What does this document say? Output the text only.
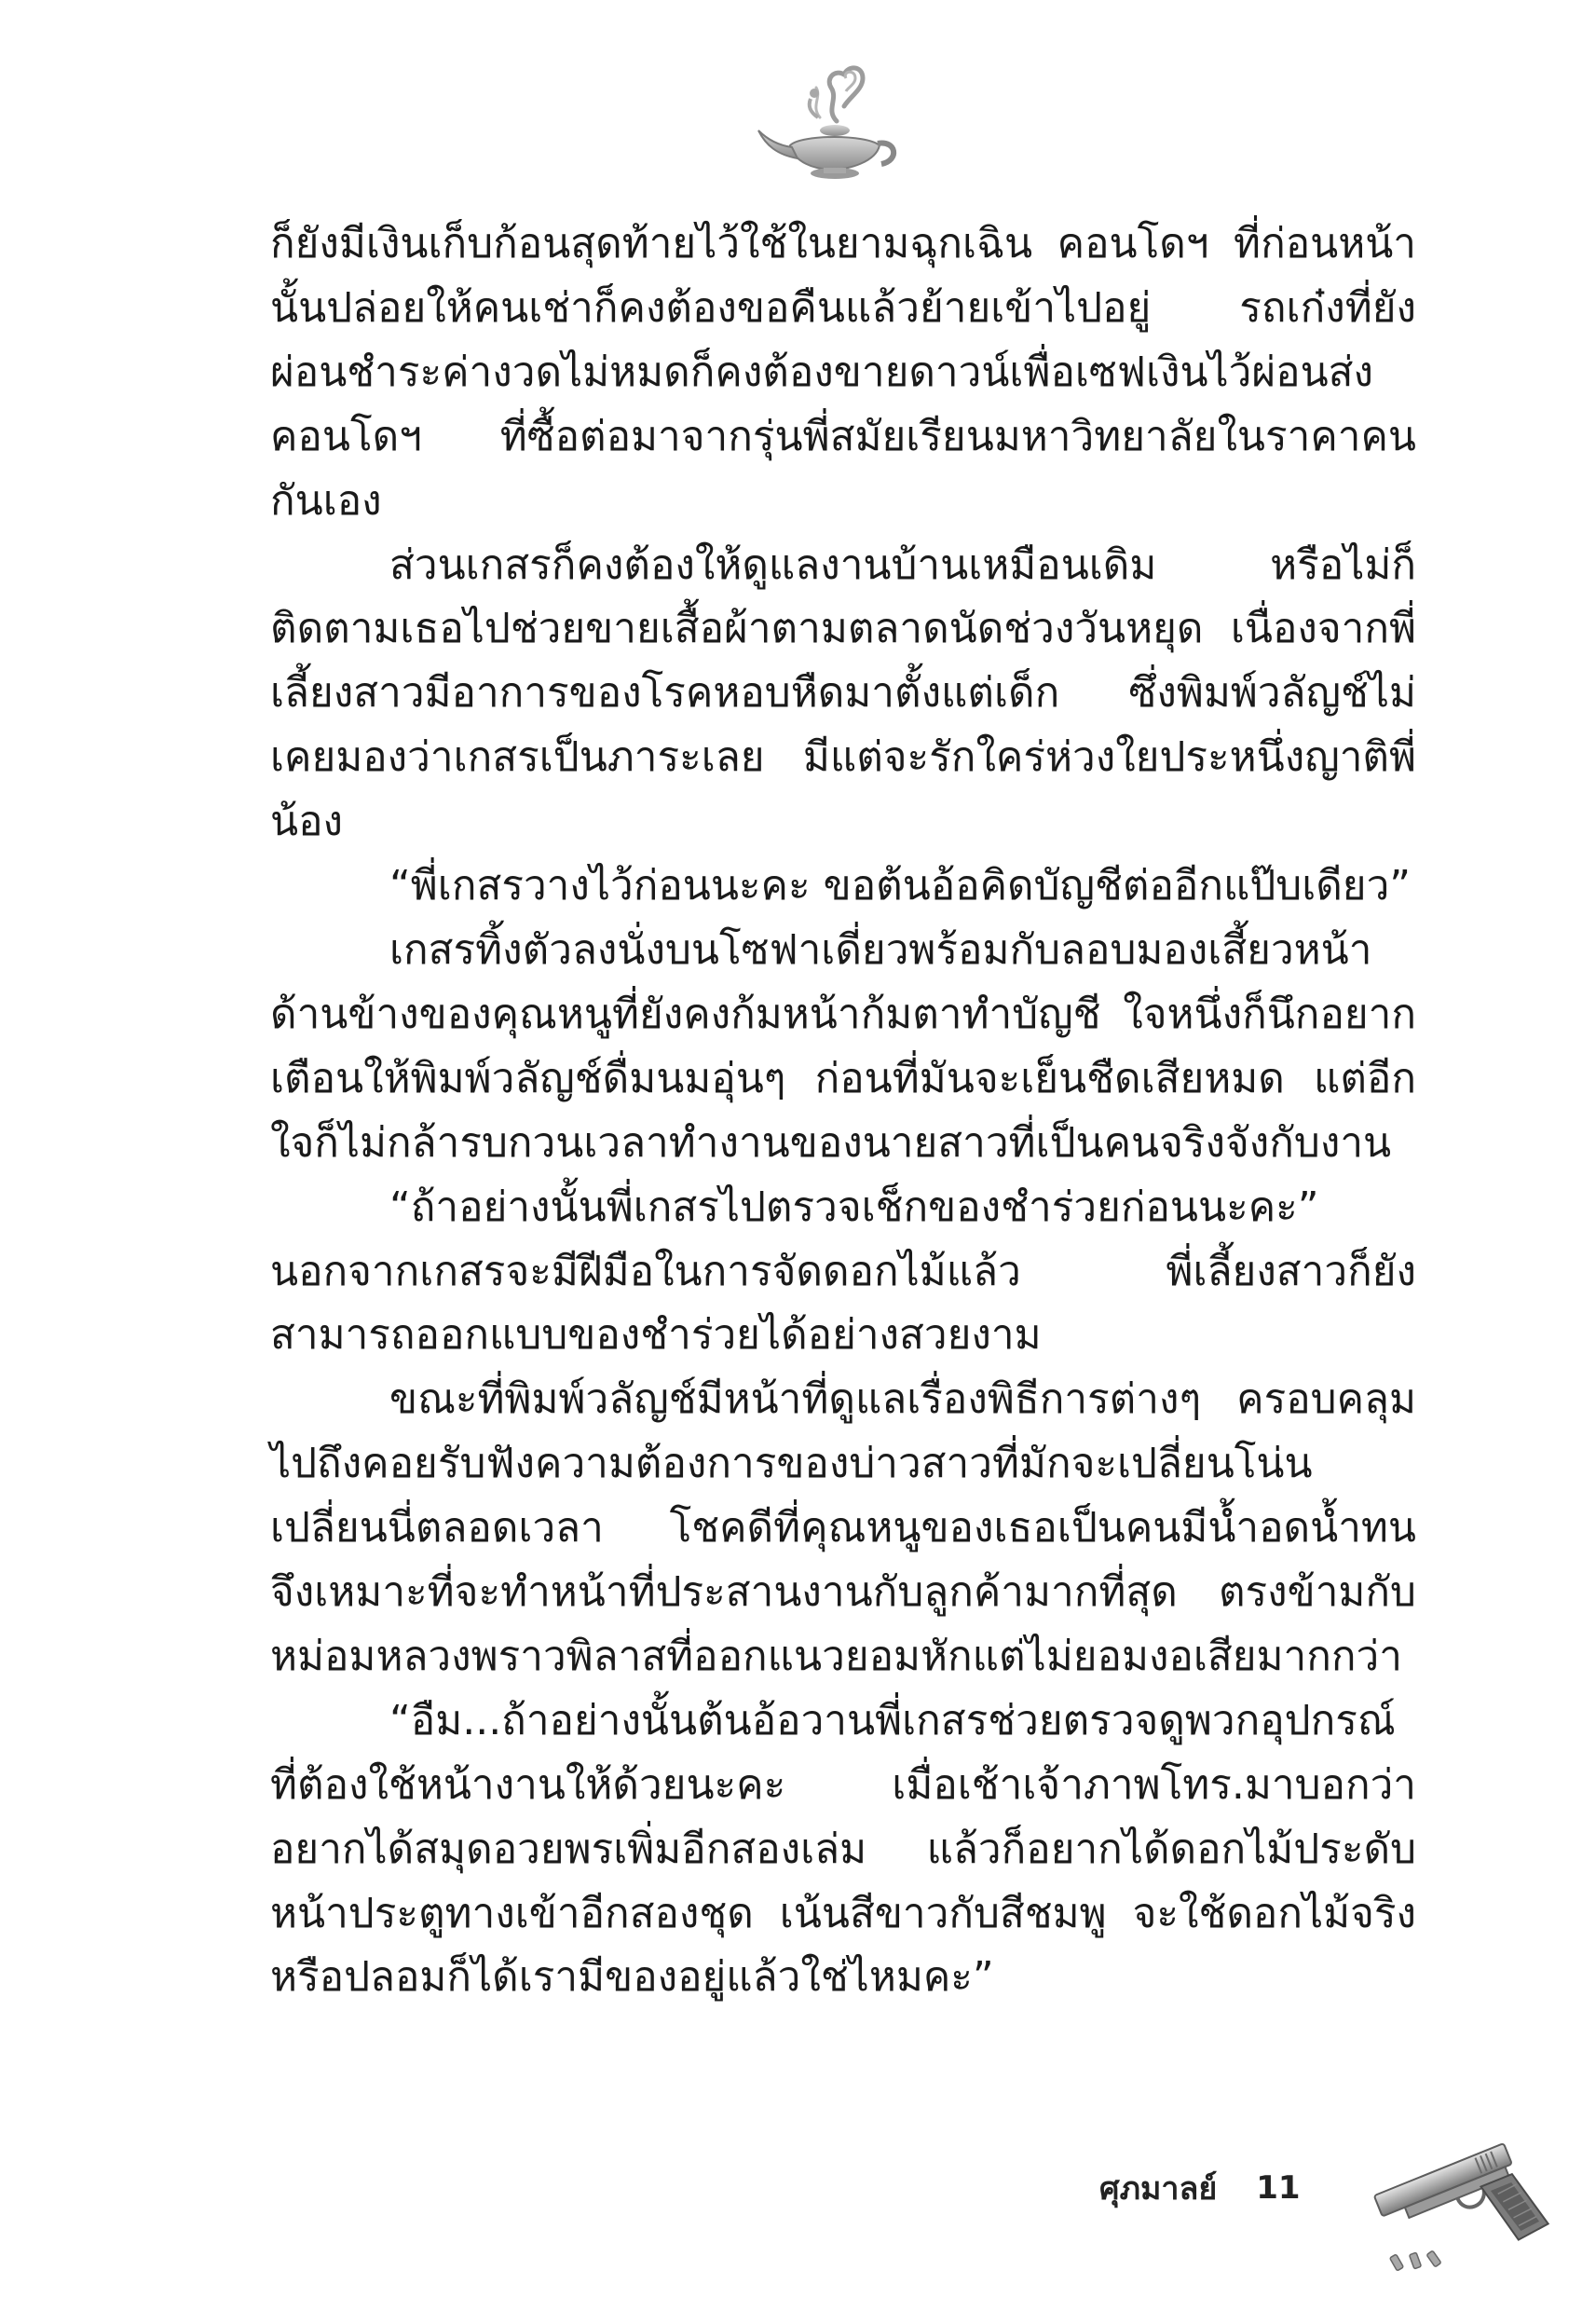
ก็ยังมีเงินเก็บก้อนสุดท้ายไว้ใช้ในยามฉุกเฉิน คอนโดฯ ที่ก่อนหน้านั้นปล่อยให้คนเช่าก็คงต้องขอคืนแล้วย้ายเข้าไปอยู่ รถเก๋งที่ยังผ่อนชำระค่างวดไม่หมดก็คงต้องขายดาวน์เพื่อเซฟเงินไว้ผ่อนส่งคอนโดฯ ที่ซื้อต่อมาจากรุ่นพี่สมัยเรียนมหาวิทยาลัยในราคาคนกันเอง

ส่วนเกสรก็คงต้องให้ดูแลงานบ้านเหมือนเดิม หรือไม่ก็ติดตามเธอไปช่วยขายเสื้อผ้าตามตลาดนัดช่วงวันหยุด เนื่องจากพี่เลี้ยงสาวมีอาการของโรคหอบหืดมาตั้งแต่เด็ก ซึ่งพิมพ์วลัญช์ไม่เคยมองว่าเกสรเป็นภาระเลย มีแต่จะรักใคร่ห่วงใยประหนึ่งญาติพี่น้อง

“พี่เกสรวางไว้ก่อนนะคะ ขอต้นอ้อคิดบัญชีต่ออีกแป๊บเดียว”

เกสรทิ้งตัวลงนั่งบนโซฟาเดี่ยวพร้อมกับลอบมองเสี้ยวหน้าด้านข้างของคุณหนูที่ยังคงก้มหน้าก้มตาทำบัญชี ใจหนึ่งก็นึกอยากเตือนให้พิมพ์วลัญช์ดื่มนมอุ่นๆ ก่อนที่มันจะเย็นชืดเสียหมด แต่อีกใจก็ไม่กล้ารบกวนเวลาทำงานของนายสาวที่เป็นคนจริงจังกับงาน

“ถ้าอย่างนั้นพี่เกสรไปตรวจเช็กของชำร่วยก่อนนะคะ” นอกจากเกสรจะมีฝีมือในการจัดดอกไม้แล้ว พี่เลี้ยงสาวก็ยังสามารถออกแบบของชำร่วยได้อย่างสวยงาม

ขณะที่พิมพ์วลัญช์มีหน้าที่ดูแลเรื่องพิธีการต่างๆ ครอบคลุมไปถึงคอยรับฟังความต้องการของบ่าวสาวที่มักจะเปลี่ยนโน่นเปลี่ยนนี่ตลอดเวลา โชคดีที่คุณหนูของเธอเป็นคนมีน้ำอดน้ำทน จึงเหมาะที่จะทำหน้าที่ประสานงานกับลูกค้ามากที่สุด ตรงข้ามกับหม่อมหลวงพราวพิลาสที่ออกแนวยอมหักแต่ไม่ยอมงอเสียมากกว่า

“อืม...ถ้าอย่างนั้นต้นอ้อวานพี่เกสรช่วยตรวจดูพวกอุปกรณ์ที่ต้องใช้หน้างานให้ด้วยนะคะ เมื่อเช้าเจ้าภาพโทร.มาบอกว่าอยากได้สมุดอวยพรเพิ่มอีกสองเล่ม แล้วก็อยากได้ดอกไม้ประดับหน้าประตูทางเข้าอีกสองชุด เน้นสีขาวกับสีชมพู จะใช้ดอกไม้จริงหรือปลอมก็ได้เรามีของอยู่แล้วใช่ไหมคะ”

ศุภมาลย์ 11
